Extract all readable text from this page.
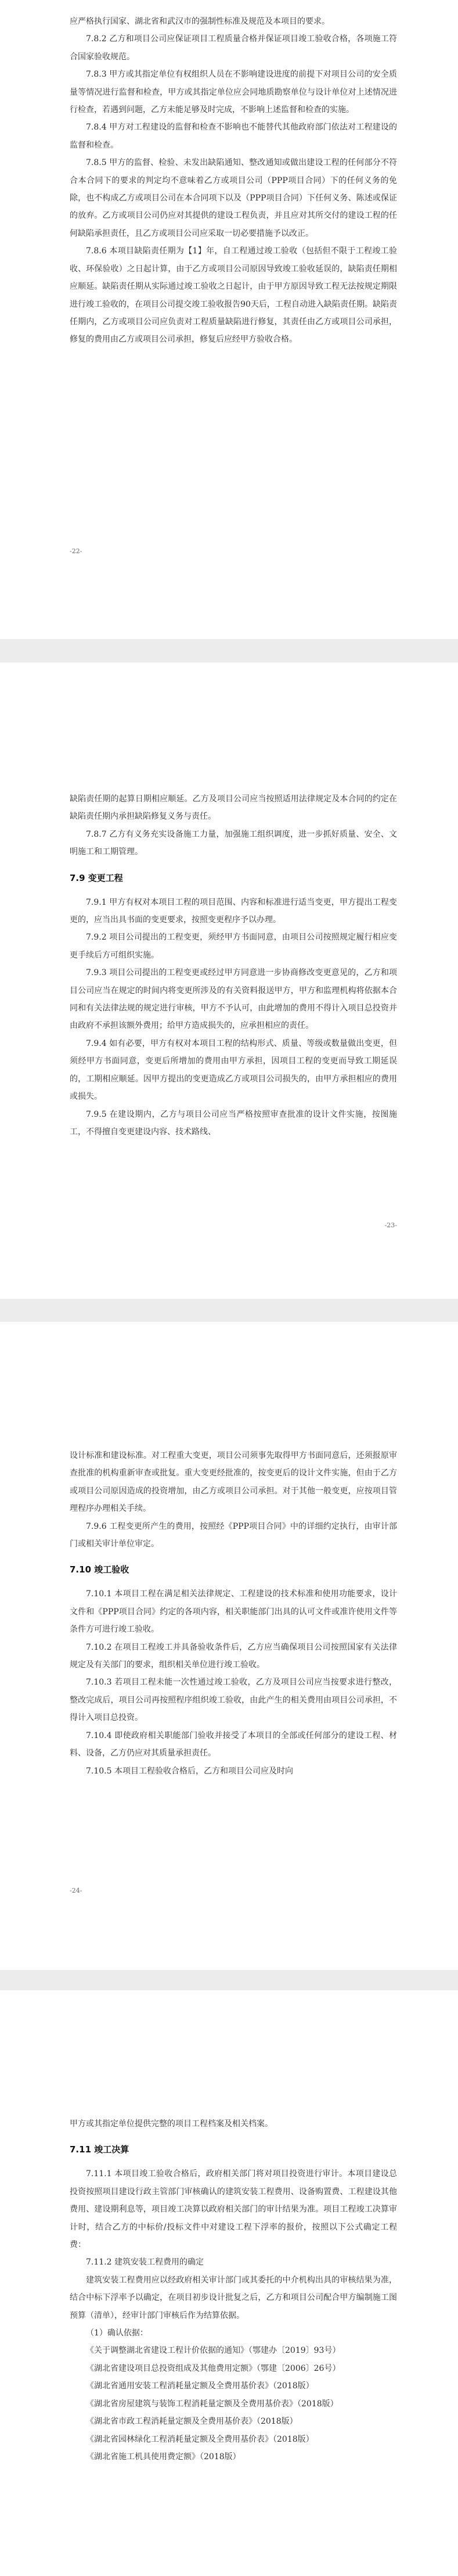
应严格执行国家、湖北省和武汉市的强制性标准及规范及本项目的要求。

7.8.2 乙方和项目公司应保证项目工程质量合格并保证项目竣工验收合格，各项施工符合国家验收规范。

7.8.3 甲方或其指定单位有权组织人员在不影响建设进度的前提下对项目公司的安全质量等情况进行监督和检查，甲方或其指定单位应会同地质勘察单位与设计单位对上述情况进行检查，若遇到问题，乙方未能足够及时完成，不影响上述监督和检查的实施。

7.8.4 甲方对工程建设的监督和检查不影响也不能替代其他政府部门依法对工程建设的监督和检查。

7.8.5 甲方的监督、检验、未发出缺陷通知、整改通知或做出建设工程的任何部分不符合本合同下的要求的判定均不意味着乙方或项目公司（PPP项目合同）下的任何义务的免除，也不构成乙方或项目公司在本合同项下以及（PPP项目合同）下任何义务、陈述或保证的放弃。乙方或项目公司仍应对其提供的建设工程负责，并且应对其所交付的建设工程的任何缺陷承担责任，且乙方或项目公司应采取一切必要措施予以改正。

7.8.6 本项目缺陷责任期为【1】年，自工程通过竣工验收（包括但不限于工程竣工验收、环保验收）之日起计算，由于乙方或项目公司原因导致竣工验收延误的，缺陷责任期相应顺延。缺陷责任期从实际通过竣工验收之日起计，由于甲方原因导致工程无法按规定期限进行竣工验收的，在项目公司提交竣工验收报告90天后，工程自动进入缺陷责任期。缺陷责任期内，乙方或项目公司应负责对工程质量缺陷进行修复，其责任由乙方或项目公司承担，修复的费用由乙方或项目公司承担，修复后应经甲方验收合格。

-22-

缺陷责任期的起算日期相应顺延。乙方及项目公司应当按照适用法律规定及本合同的约定在缺陷责任期内承担缺陷修复义务与责任。

7.8.7 乙方有义务充实设备施工力量，加强施工组织调度，进一步抓好质量、安全、文明施工和工期管理。

7.9 变更工程

7.9.1 甲方有权对本项目工程的项目范围、内容和标准进行适当变更，甲方提出工程变更的，应当出具书面的变更要求，按照变更程序予以办理。

7.9.2 项目公司提出的工程变更，须经甲方书面同意，由项目公司按照规定履行相应变更手续后方可组织实施。

7.9.3 项目公司提出的工程变更或经过甲方同意进一步协商修改变更意见的，乙方和项目公司应当在规定的时间内将变更所涉及的有关资料报送甲方，甲方和监理机构将依据本合同和有关法律法规的规定进行审核，甲方不予认可，由此增加的费用不得计入项目总投资并由政府不承担该额外费用；给甲方造成损失的，应承担相应的责任。

7.9.4 如有必要，甲方有权对本项目工程的结构形式、质量、等级或数量做出变更，但须经甲方书面同意，变更后所增加的费用由甲方承担，因项目工程的变更而导致工期延误的，工期相应顺延。因甲方提出的变更造成乙方或项目公司损失的，由甲方承担相应的费用或损失。

7.9.5 在建设期内，乙方与项目公司应当严格按照审查批准的设计文件实施，按图施工，不得擅自变更建设内容、技术路线、

-23-

设计标准和建设标准。对工程重大变更，项目公司须事先取得甲方书面同意后，还须报原审查批准的机构重新审查或批复。重大变更经批准的，按变更后的设计文件实施，但由于乙方或项目公司原因造成的投资增加，由乙方或项目公司承担。对于其他一般变更，应按项目管理程序办理相关手续。

7.9.6 工程变更所产生的费用，按照经《PPP项目合同》中的详细约定执行，由审计部门或相关审计单位审定。

7.10 竣工验收

7.10.1 本项目工程在满足相关法律规定、工程建设的技术标准和使用功能要求，设计文件和《PPP项目合同》约定的各项内容，相关职能部门出具的认可文件或准许使用文件等条件方可进行竣工验收。

7.10.2 在项目工程竣工并具备验收条件后，乙方应当确保项目公司按照国家有关法律规定及有关部门的要求，组织相关单位进行竣工验收。

7.10.3 若项目工程未能一次性通过竣工验收，乙方及项目公司应当按要求进行整改，整改完成后，项目公司再按照程序组织竣工验收，由此产生的相关费用由项目公司承担，不得计入项目总投资。

7.10.4 即使政府相关职能部门验收并接受了本项目的全部或任何部分的建设工程、材料、设备，乙方仍应对其质量承担责任。

7.10.5 本项目工程验收合格后，乙方和项目公司应及时向

-24-

甲方或其指定单位提供完整的项目工程档案及相关档案。

7.11 竣工决算

7.11.1 本项目竣工验收合格后，政府相关部门将对项目投资进行审计。本项目建设总投资按照项目建设行政主管部门审核确认的建筑安装工程费用、设备购置费、工程建设其他费用、建设期利息等，项目竣工决算以政府相关部门的审计结果为准。项目工程竣工决算审计时，结合乙方的中标价/投标文件中对建设工程下浮率的报价，按照以下公式确定工程费：

7.11.2 建筑安装工程费用的确定

建筑安装工程费用应以经政府相关审计部门或其委托的中介机构出具的审核结果为准，结合中标下浮率予以确定，在项目初步设计批复之后，乙方和项目公司配合甲方编制施工图预算（清单），经审计部门审核后作为结算依据。

（1）确认依据：

《关于调整湖北省建设工程计价依据的通知》（鄂建办〔2019〕93号）

《湖北省建设项目总投资组成及其他费用定额》（鄂建〔2006〕26号）

《湖北省通用安装工程消耗量定额及全费用基价表》（2018版）

《湖北省房屋建筑与装饰工程消耗量定额及全费用基价表》（2018版）

《湖北省市政工程消耗量定额及全费用基价表》（2018版）

《湖北省园林绿化工程消耗量定额及全费用基价表》（2018版）

《湖北省施工机具使用费定额》（2018版）
